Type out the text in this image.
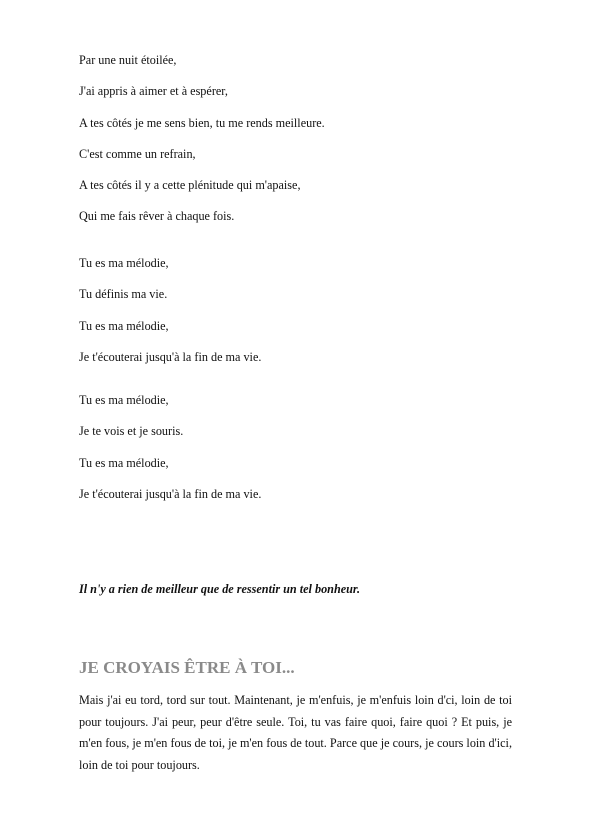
Par une nuit étoilée,
J'ai appris à aimer et à espérer,
A tes côtés je me sens bien, tu me rends meilleure.
C'est comme un refrain,
A tes côtés il y a cette plénitude qui m'apaise,
Qui me fais rêver à chaque fois.
Tu es ma mélodie,
Tu définis ma vie.
Tu es ma mélodie,
Je t'écouterai jusqu'à la fin de ma vie.
Tu es ma mélodie,
Je te vois et je souris.
Tu es ma mélodie,
Je t'écouterai jusqu'à la fin de ma vie.
Il n'y a rien de meilleur que de ressentir un tel bonheur.
JE CROYAIS ÊTRE À TOI...
Mais j'ai eu tord, tord sur tout. Maintenant, je m'enfuis, je m'enfuis loin d'ci, loin de toi pour toujours. J'ai peur, peur d'être seule. Toi, tu vas faire quoi, faire quoi ? Et puis, je m'en fous, je m'en fous de toi, je m'en fous de tout. Parce que je cours, je cours loin d'ici, loin de toi pour toujours.
